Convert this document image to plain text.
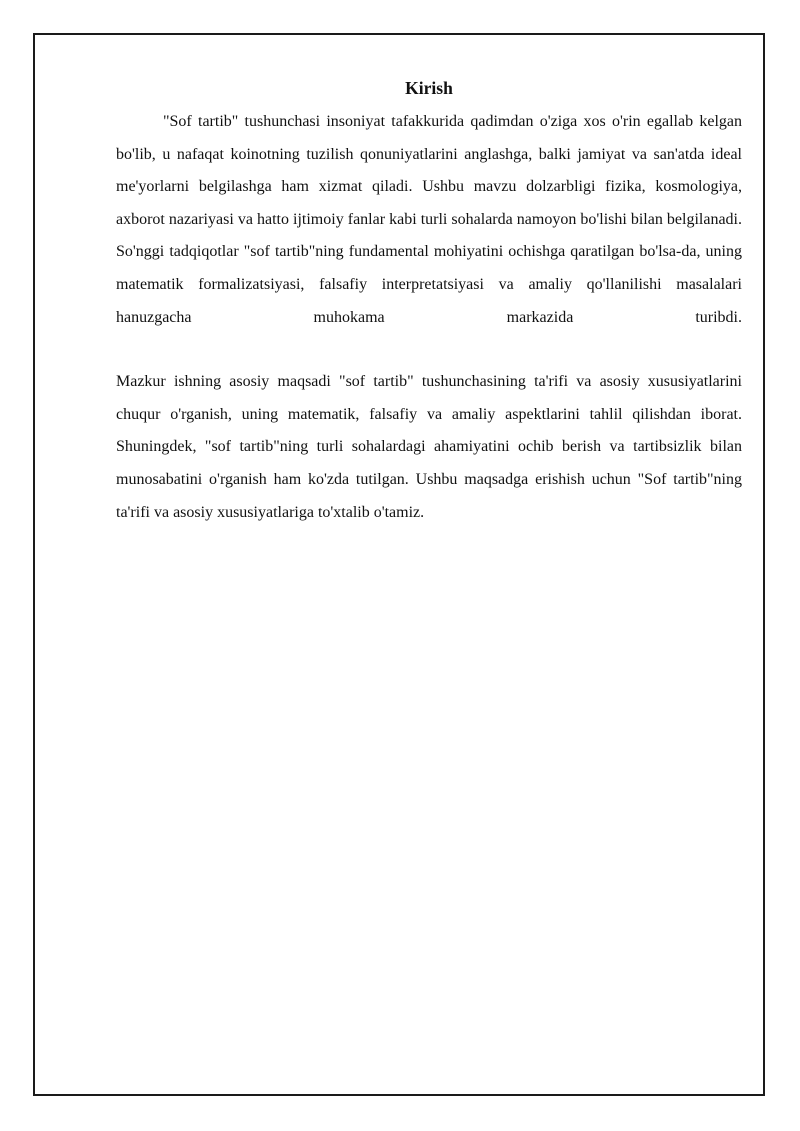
Kirish

"Sof tartib" tushunchasi insoniyat tafakkurida qadimdan o'ziga xos o'rin egallab kelgan bo'lib, u nafaqat koinotning tuzilish qonuniyatlarini anglashga, balki jamiyat va san'atda ideal me'yorlarni belgilashga ham xizmat qiladi. Ushbu mavzu dolzarbligi fizika, kosmologiya, axborot nazariyasi va hatto ijtimoiy fanlar kabi turli sohalarda namoyon bo'lishi bilan belgilanadi. So'nggi tadqiqotlar "sof tartib"ning fundamental mohiyatini ochishga qaratilgan bo'lsa-da, uning matematik formalizatsiyasi, falsafiy interpretatsiyasi va amaliy qo'llanilishi masalalari hanuzgacha muhokama markazida turibdi.

Mazkur ishning asosiy maqsadi "sof tartib" tushunchasining ta'rifi va asosiy xususiyatlarini chuqur o'rganish, uning matematik, falsafiy va amaliy aspektlarini tahlil qilishdan iborat. Shuningdek, "sof tartib"ning turli sohalardagi ahamiyatini ochib berish va tartibsizlik bilan munosabatini o'rganish ham ko'zda tutilgan. Ushbu maqsadga erishish uchun "Sof tartib"ning ta'rifi va asosiy xususiyatlariga to'xtalib o'tamiz.
